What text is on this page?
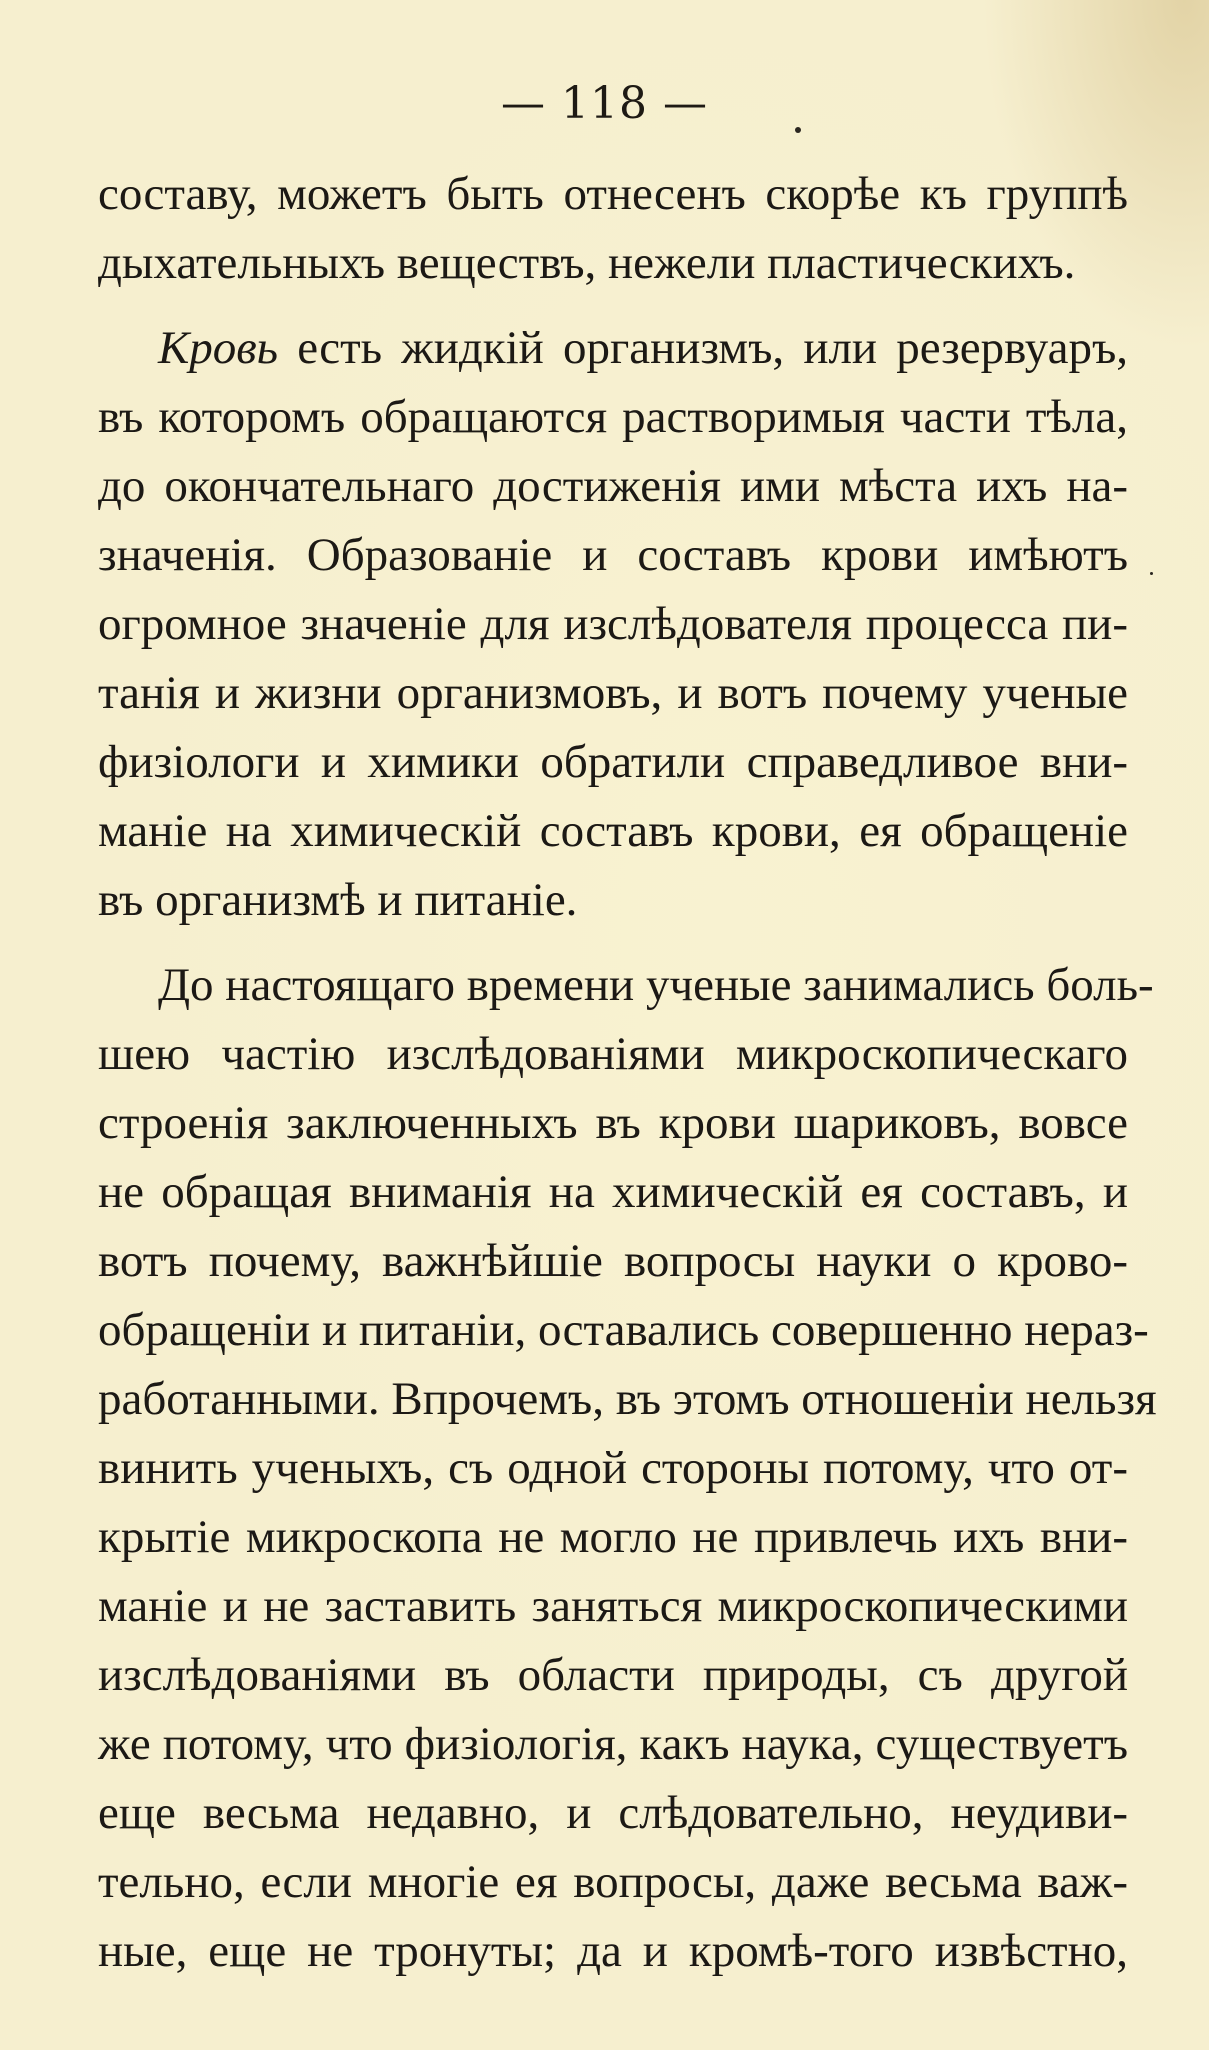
— 118 —
составу, можетъ быть отнесенъ скорѣе къ группѣ
дыхательныхъ веществъ, нежели пластическихъ.
Кровь есть жидкій организмъ, или резервуаръ,
въ которомъ обращаются растворимыя части тѣла,
до окончательнаго достиженія ими мѣста ихъ на-
значенія. Образованіе и составъ крови имѣютъ
огромное значеніе для изслѣдователя процесса пи-
танія и жизни организмовъ, и вотъ почему ученые
физіологи и химики обратили справедливое вни-
маніе на химическій составъ крови, ея обращеніе
въ организмѣ и питаніе.
До настоящаго времени ученые занимались боль-
шею частію изслѣдованіями микроскопическаго
строенія заключенныхъ въ крови шариковъ, вовсе
не обращая вниманія на химическій ея составъ, и
вотъ почему, важнѣйшіе вопросы науки о крово-
обращеніи и питаніи, оставались совершенно нераз-
работанными. Впрочемъ, въ этомъ отношеніи нельзя
винить ученыхъ, съ одной стороны потому, что от-
крытіе микроскопа не могло не привлечь ихъ вни-
маніе и не заставить заняться микроскопическими
изслѣдованіями въ области природы, съ другой
же потому, что физіологія, какъ наука, существуетъ
еще весьма недавно, и слѣдовательно, неудиви-
тельно, если многіе ея вопросы, даже весьма важ-
ные, еще не тронуты; да и кромѣ-того извѣстно,
